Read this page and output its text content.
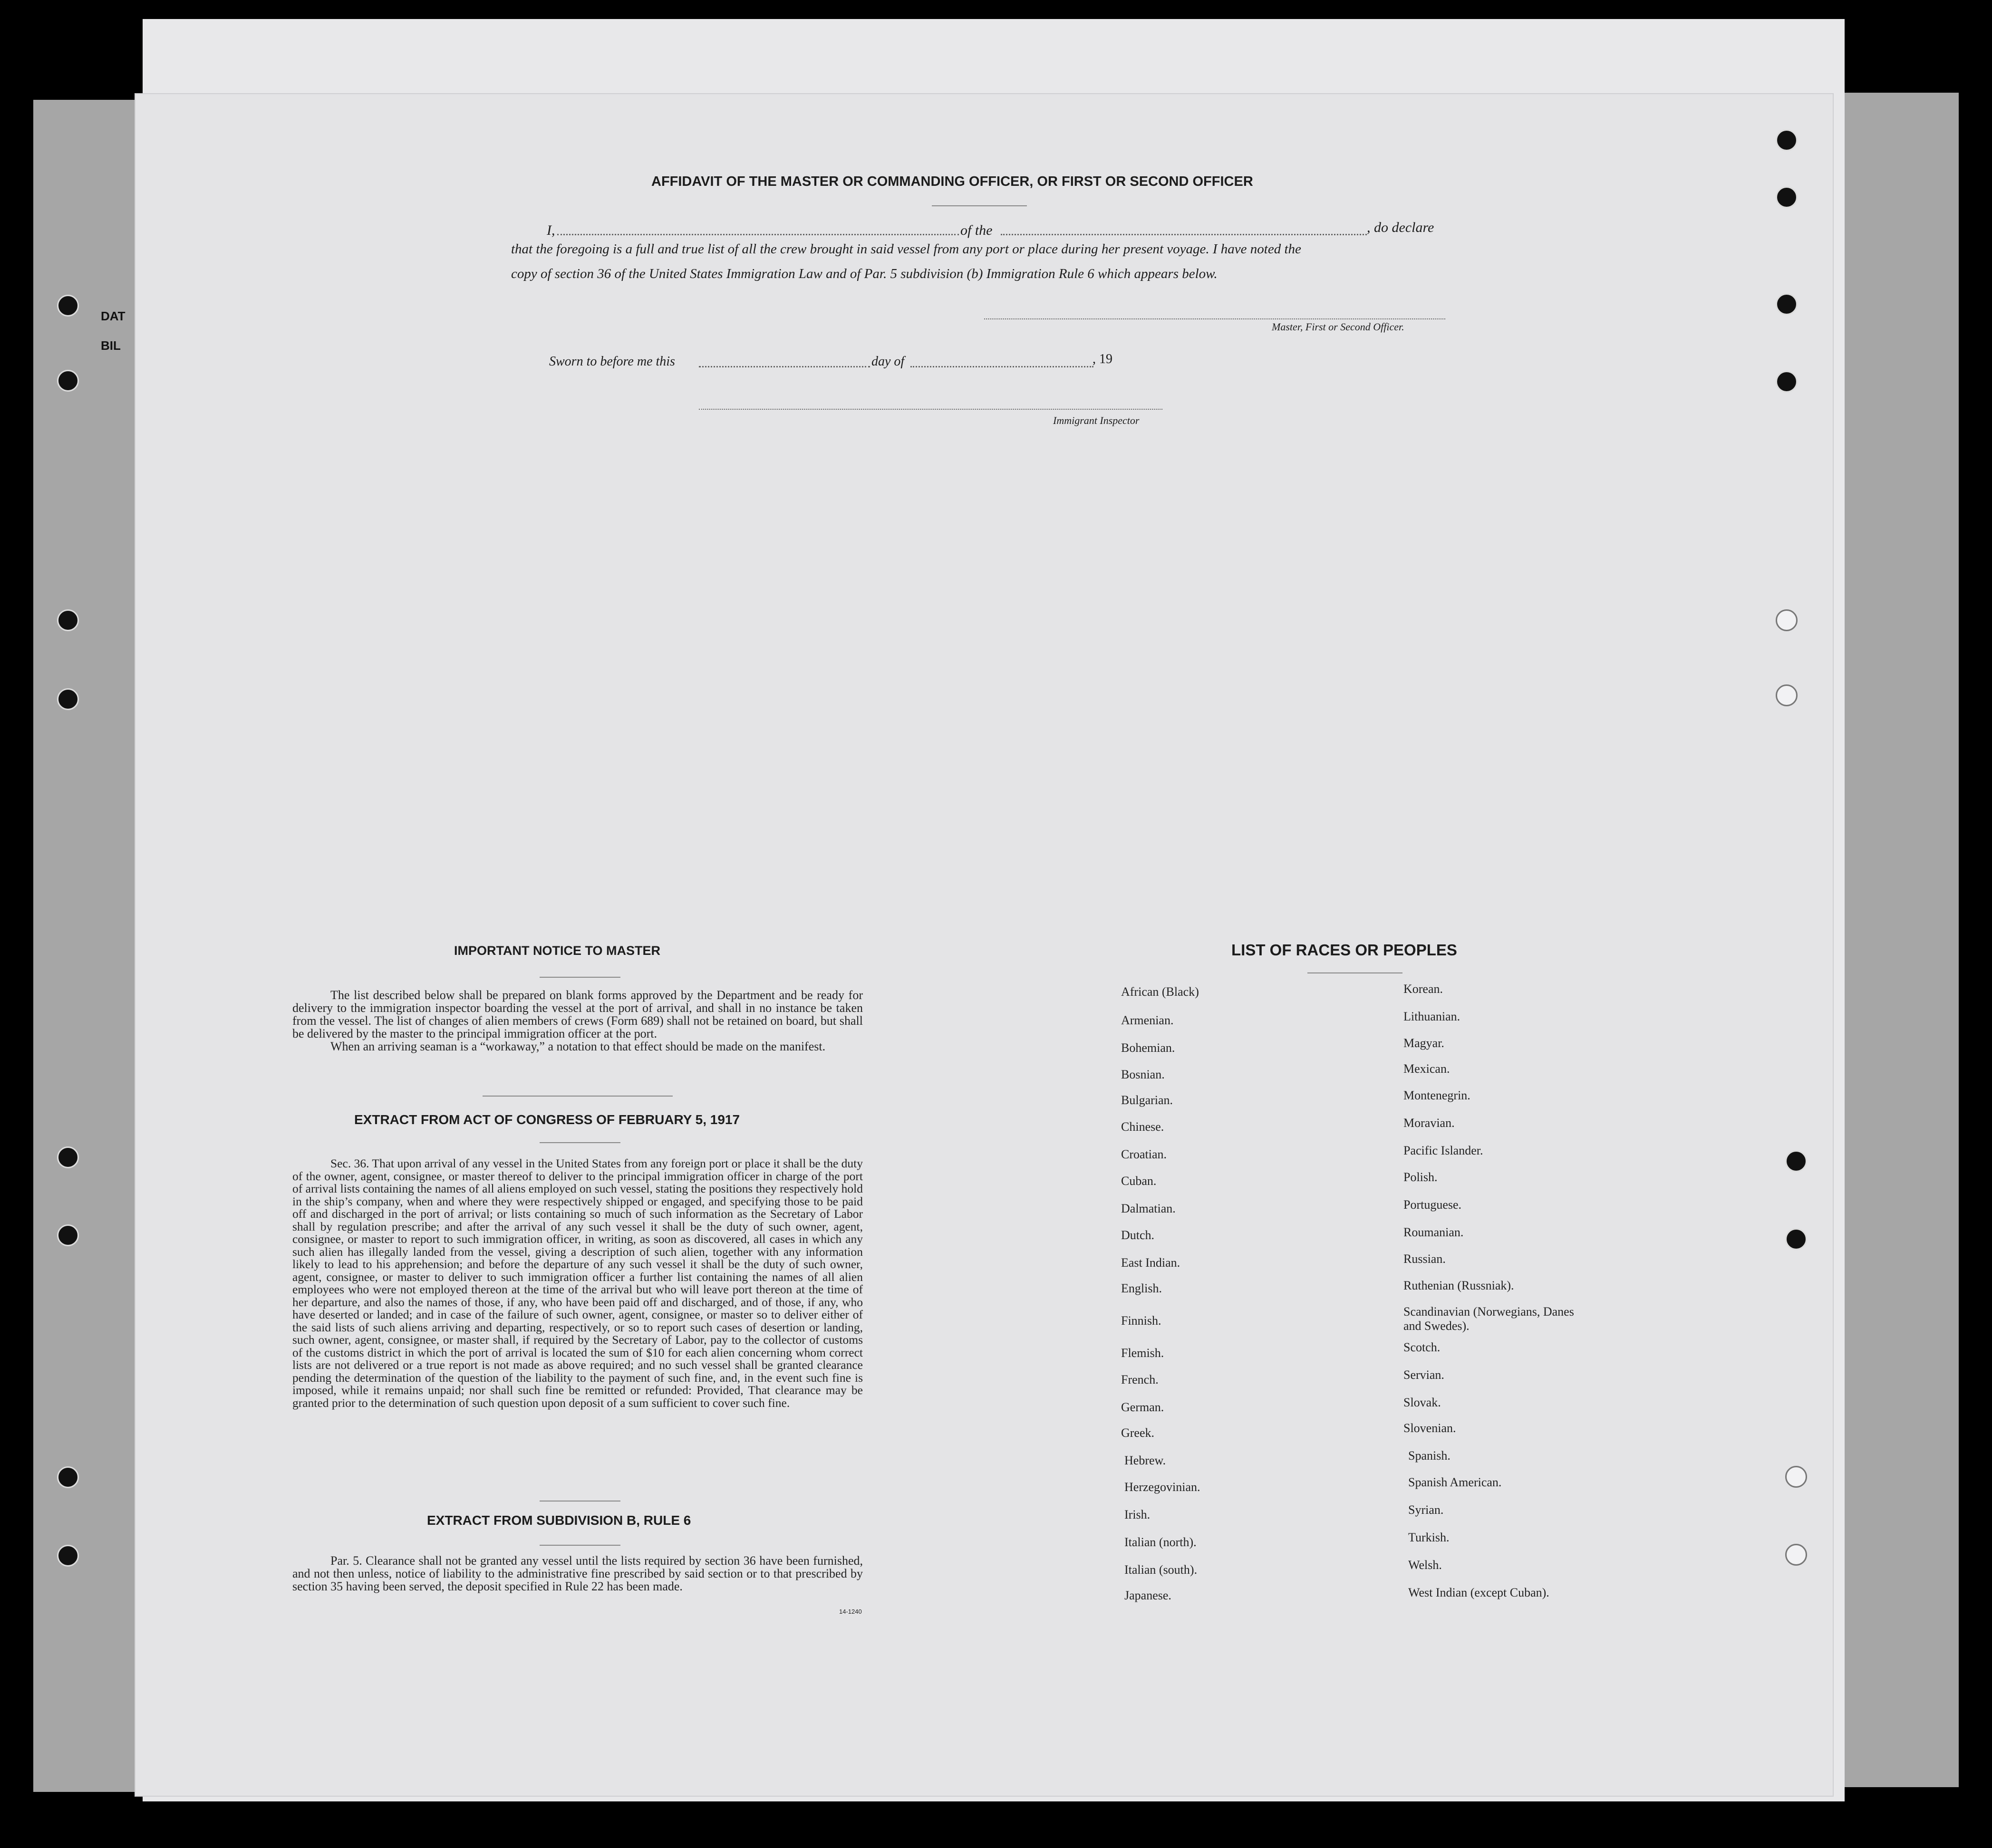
DAT
BIL
AFFIDAVIT OF THE MASTER OR COMMANDING OFFICER, OR FIRST OR SECOND OFFICER
I,	of the	, do declare
that the foregoing is a full and true list of all the crew brought in said vessel from any port or place during her present voyage. I have noted the
copy of section 36 of the United States Immigration Law and of Par. 5 subdivision (b) Immigration Rule 6 which appears below.
Master, First or Second Officer.
Sworn to before me this	day of	, 19
Immigrant Inspector
IMPORTANT NOTICE TO MASTER

The list described below shall be prepared on blank forms approved by the Department and be ready for delivery to the immigration inspector boarding the vessel at the port of arrival, and shall in no instance be taken from the vessel. The list of changes of alien members of crews (Form 689) shall not be retained on board, but shall be delivered by the master to the principal immigration officer at the port.

When an arriving seaman is a “workaway,” a notation to that effect should be made on the manifest.

EXTRACT FROM ACT OF CONGRESS OF FEBRUARY 5, 1917

Sec. 36. That upon arrival of any vessel in the United States from any foreign port or place it shall be the duty of the owner, agent, consignee, or master thereof to deliver to the principal immigration officer in charge of the port of arrival lists containing the names of all aliens employed on such vessel, stating the positions they respectively hold in the ship’s company, when and where they were respectively shipped or engaged, and specifying those to be paid off and discharged in the port of arrival; or lists containing so much of such information as the Secretary of Labor shall by regulation prescribe; and after the arrival of any such vessel it shall be the duty of such owner, agent, consignee, or master to report to such immigration officer, in writing, as soon as discovered, all cases in which any such alien has illegally landed from the vessel, giving a description of such alien, together with any information likely to lead to his apprehension; and before the departure of any such vessel it shall be the duty of such owner, agent, consignee, or master to deliver to such immigration officer a further list containing the names of all alien employees who were not employed thereon at the time of the arrival but who will leave port thereon at the time of her departure, and also the names of those, if any, who have been paid off and discharged, and of those, if any, who have deserted or landed; and in case of the failure of such owner, agent, consignee, or master so to deliver either of the said lists of such aliens arriving and departing, respectively, or so to report such cases of desertion or landing, such owner, agent, consignee, or master shall, if required by the Secretary of Labor, pay to the collector of customs of the customs district in which the port of arrival is located the sum of $10 for each alien concerning whom correct lists are not delivered or a true report is not made as above required; and no such vessel shall be granted clearance pending the determination of the question of the liability to the payment of such fine, and, in the event such fine is imposed, while it remains unpaid; nor shall such fine be remitted or refunded: Provided, That clearance may be granted prior to the determination of such question upon deposit of a sum sufficient to cover such fine.

EXTRACT FROM SUBDIVISION B, RULE 6

Par. 5. Clearance shall not be granted any vessel until the lists required by section 36 have been furnished, and not then unless, notice of liability to the administrative fine prescribed by said section or to that prescribed by section 35 having been served, the deposit specified in Rule 22 has been made.

14-1240
LIST OF RACES OR PEOPLES
African (Black)
Armenian.
Bohemian.
Bosnian.
Bulgarian.
Chinese.
Croatian.
Cuban.
Dalmatian.
Dutch.
East Indian.
English.
Finnish.
Flemish.
French.
German.
Greek.
Hebrew.
Herzegovinian.
Irish.
Italian (north).
Italian (south).
Japanese.
Korean.
Lithuanian.
Magyar.
Mexican.
Montenegrin.
Moravian.
Pacific Islander.
Polish.
Portuguese.
Roumanian.
Russian.
Ruthenian (Russniak).
Scandinavian (Norwegians, Danes and Swedes).
Scotch.
Servian.
Slovak.
Slovenian.
Spanish.
Spanish American.
Syrian.
Turkish.
Welsh.
West Indian (except Cuban).
